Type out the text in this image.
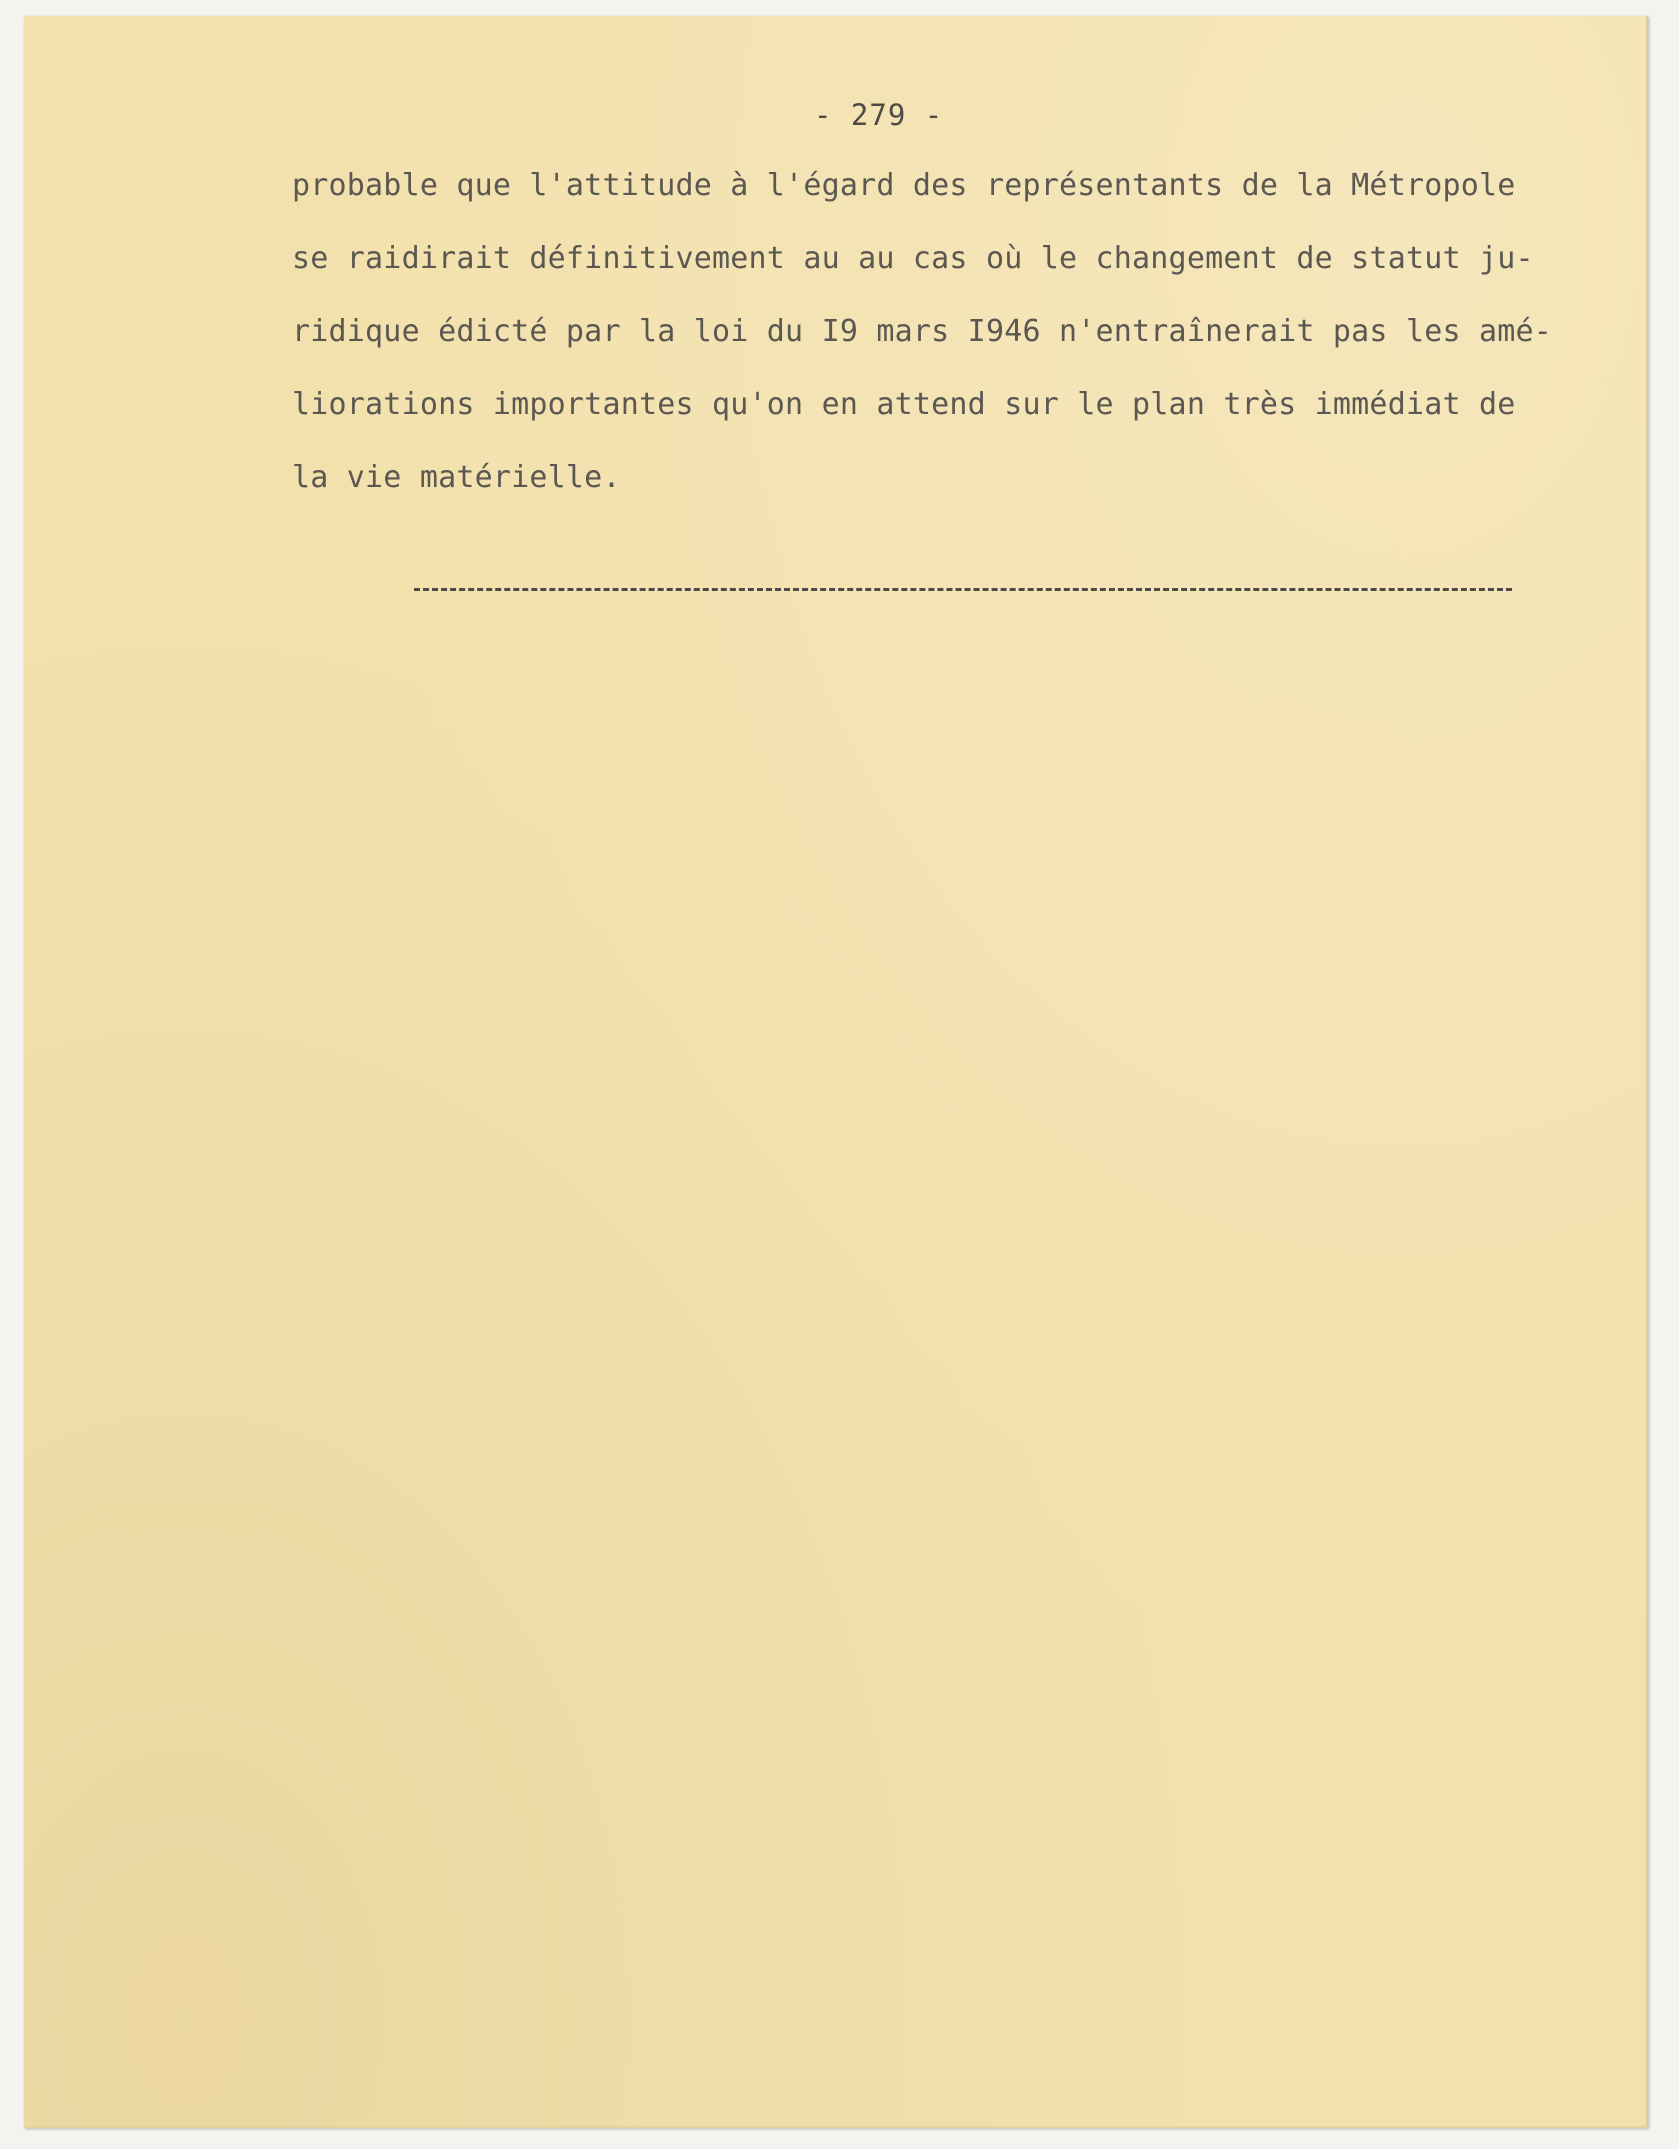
- 279 -

probable que l'attitude à l'égard des représentants de la Métropole
se raidirait définitivement au au cas où le changement de statut ju-
ridique édicté par la loi du I9 mars I946 n'entraînerait pas les amé-
liorations importantes qu'on en attend sur le plan très immédiat de
la vie matérielle.
